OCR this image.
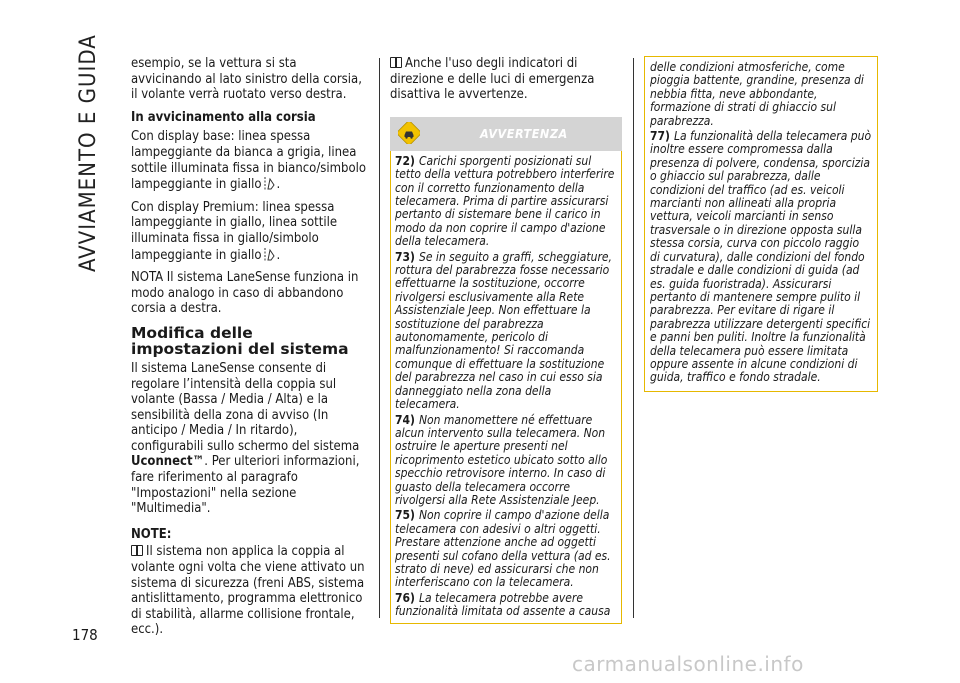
AVVIAMENTO E GUIDA
178

esempio, se la vettura si sta avvicinando al lato sinistro della corsia, il volante verrà ruotato verso destra.

In avvicinamento alla corsia

Con display base: linea spessa lampeggiante da bianca a grigia, linea sottile illuminata fissa in bianco/simbolo lampeggiante in giallo .

Con display Premium: linea spessa lampeggiante in giallo, linea sottile illuminata fissa in giallo/simbolo lampeggiante in giallo .

NOTA Il sistema LaneSense funziona in modo analogo in caso di abbandono corsia a destra.

Modifica delle impostazioni del sistema

Il sistema LaneSense consente di regolare l’intensità della coppia sul volante (Bassa / Media / Alta) e la sensibilità della zona di avviso (In anticipo / Media / In ritardo), configurabili sullo schermo del sistema Uconnect™. Per ulteriori informazioni, fare riferimento al paragrafo "Impostazioni" nella sezione "Multimedia".

NOTE:

Il sistema non applica la coppia al volante ogni volta che viene attivato un sistema di sicurezza (freni ABS, sistema antislittamento, programma elettronico di stabilità, allarme collisione frontale, ecc.).

Anche l'uso degli indicatori di direzione e delle luci di emergenza disattiva le avvertenze.

AVVERTENZA

72) Carichi sporgenti posizionati sul tetto della vettura potrebbero interferire con il corretto funzionamento della telecamera. Prima di partire assicurarsi pertanto di sistemare bene il carico in modo da non coprire il campo d'azione della telecamera.

73) Se in seguito a graffi, scheggiature, rottura del parabrezza fosse necessario effettuarne la sostituzione, occorre rivolgersi esclusivamente alla Rete Assistenziale Jeep. Non effettuare la sostituzione del parabrezza autonomamente, pericolo di malfunzionamento! Si raccomanda comunque di effettuare la sostituzione del parabrezza nel caso in cui esso sia danneggiato nella zona della telecamera.

74) Non manomettere né effettuare alcun intervento sulla telecamera. Non ostruire le aperture presenti nel ricoprimento estetico ubicato sotto allo specchio retrovisore interno. In caso di guasto della telecamera occorre rivolgersi alla Rete Assistenziale Jeep.

75) Non coprire il campo d'azione della telecamera con adesivi o altri oggetti. Prestare attenzione anche ad oggetti presenti sul cofano della vettura (ad es. strato di neve) ed assicurarsi che non interferiscano con la telecamera.

76) La telecamera potrebbe avere funzionalità limitata od assente a causa

delle condizioni atmosferiche, come pioggia battente, grandine, presenza di nebbia fitta, neve abbondante, formazione di strati di ghiaccio sul parabrezza.

77) La funzionalità della telecamera può inoltre essere compromessa dalla presenza di polvere, condensa, sporcizia o ghiaccio sul parabrezza, dalle condizioni del traffico (ad es. veicoli marcianti non allineati alla propria vettura, veicoli marcianti in senso trasversale o in direzione opposta sulla stessa corsia, curva con piccolo raggio di curvatura), dalle condizioni del fondo stradale e dalle condizioni di guida (ad es. guida fuoristrada). Assicurarsi pertanto di mantenere sempre pulito il parabrezza. Per evitare di rigare il parabrezza utilizzare detergenti specifici e panni ben puliti. Inoltre la funzionalità della telecamera può essere limitata oppure assente in alcune condizioni di guida, traffico e fondo stradale.

carmanualsonline.info
